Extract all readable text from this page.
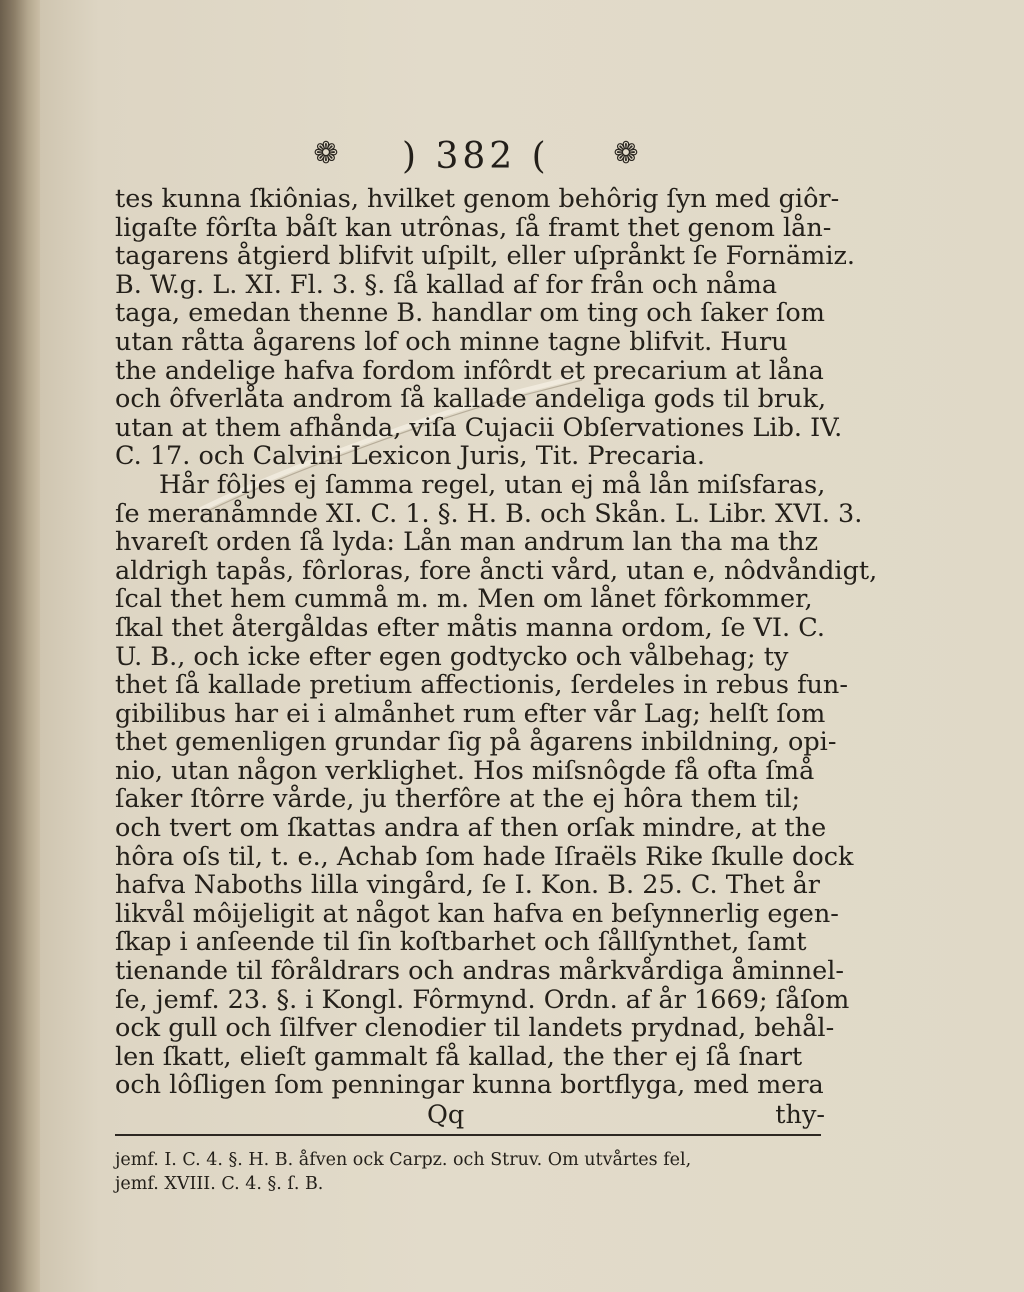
❁ ) 382 ( ❁
tes kunna ſkiônias, hvilket genom behôrig ſyn med giôr-
ligaſte fôrſta båſt kan utrônas, ſå framt thet genom lån-
tagarens åtgierd blifvit uſpilt, eller uſprånkt ſe Fornämiz.
B. W.g. L. XI. Fl. 3. §. ſå kallad af for från och nåma
taga, emedan thenne B. handlar om ting och ſaker ſom
utan råtta ågarens lof och minne tagne blifvit. Huru
the andelige hafva fordom infôrdt et precarium at låna
och ôfverlåta androm ſå kallade andeliga gods til bruk,
utan at them afhånda, viſa Cujacii Obſervationes Lib. IV.
C. 17. och Calvini Lexicon Juris, Tit. Precaria.
Hår fôljes ej ſamma regel, utan ej må lån miſsfaras,
ſe meranåmnde XI. C. 1. §. H. B. och Skån. L. Libr. XVI. 3.
hvareſt orden ſå lyda: Lån man andrum lan tha ma thz
aldrigh tapås, fôrloras, fore åncti vård, utan e, nôdvåndigt,
ſcal thet hem cummå m. m. Men om lånet fôrkommer,
ſkal thet återgåldas efter måtis manna ordom, ſe VI. C.
U. B., och icke efter egen godtycko och vålbehag; ty
thet ſå kallade pretium affectionis, ſerdeles in rebus fun-
gibilibus har ei i almånhet rum efter vår Lag; helſt ſom
thet gemenligen grundar ſig på ågarens inbildning, opi-
nio, utan någon verklighet. Hos miſsnôgde få ofta ſmå
ſaker ſtôrre vårde, ju therfôre at the ej hôra them til;
och tvert om ſkattas andra af then orſak mindre, at the
hôra oſs til, t. e., Achab ſom hade Iſraëls Rike ſkulle dock
hafva Naboths lilla vingård, ſe I. Kon. B. 25. C. Thet år
likvål môijeligit at något kan hafva en beſynnerlig egen-
ſkap i anſeende til ſin koſtbarhet och ſållſynthet, ſamt
tienande til fôråldrars och andras mårkvårdiga åminnel-
ſe, jemf. 23. §. i Kongl. Fôrmynd. Ordn. af år 1669; ſåſom
ock gull och ſilfver clenodier til landets prydnad, behål-
len ſkatt, elieſt gammalt få kallad, the ther ej ſå ſnart
och lôſligen ſom penningar kunna bortflyga, med mera
Qq	thy-
jemf. I. C. 4. §. H. B. åfven ock Carpz. och Struv. Om utvårtes fel,
jemf. XVIII. C. 4. §. ſ. B.
